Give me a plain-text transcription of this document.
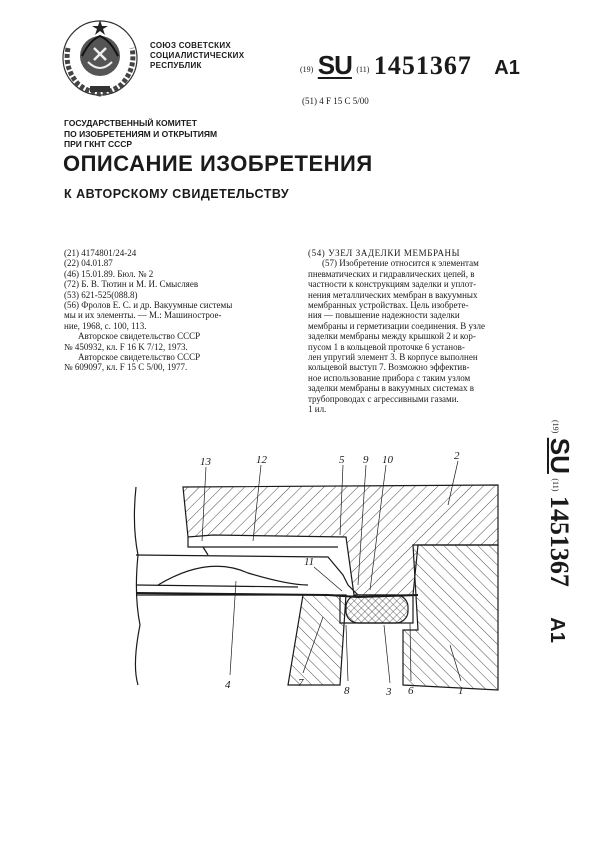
СОЮЗ СОВЕТСКИХ
СОЦИАЛИСТИЧЕСКИХ
РЕСПУБЛИК	(19) SU (11) 1451367 A1
(51) 4 F 15 C 5/00
ГОСУДАРСТВЕННЫЙ КОМИТЕТ
ПО ИЗОБРЕТЕНИЯМ И ОТКРЫТИЯМ
ПРИ ГКНТ СССР
ОПИСАНИЕ ИЗОБРЕТЕНИЯ
К АВТОРСКОМУ СВИДЕТЕЛЬСТВУ
(21) 4174801/24-24
(22) 04.01.87
(46) 15.01.89. Бюл. № 2
(72) Б. В. Тютин и М. И. Смысляев
(53) 621-525(088.8)
(56) Фролов Е. С. и др. Вакуумные системы
мы и их элементы. — М.: Машинострое-
ние, 1968, с. 100, 113.
Авторское свидетельство СССР
№ 450932, кл. F 16 K 7/12, 1973.
Авторское свидетельство СССР
№ 609097, кл. F 15 C 5/00, 1977.
(54) УЗЕЛ ЗАДЕЛКИ МЕМБРАНЫ
(57) Изобретение относится к элементам
пневматических и гидравлических цепей, в
частности к конструкциям заделки и уплот-
нения металлических мембран в вакуумных
мембранных устройствах. Цель изобрете-
ния — повышение надежности заделки
мембраны и герметизации соединения. В узле
заделки мембраны между крышкой 2 и кор-
пусом 1 в кольцевой проточке 6 установ-
лен упругий элемент 3. В корпусе выполнен
кольцевой выступ 7. Возможно эффектив-
ное использование прибора с таким узлом
заделки мембраны в вакуумных системах в
трубопроводах с агрессивными газами.
1 ил.
(19) SU (11) 1451367 A1
13	12	5 9 10	2
11
4	7
8	3 6	1
